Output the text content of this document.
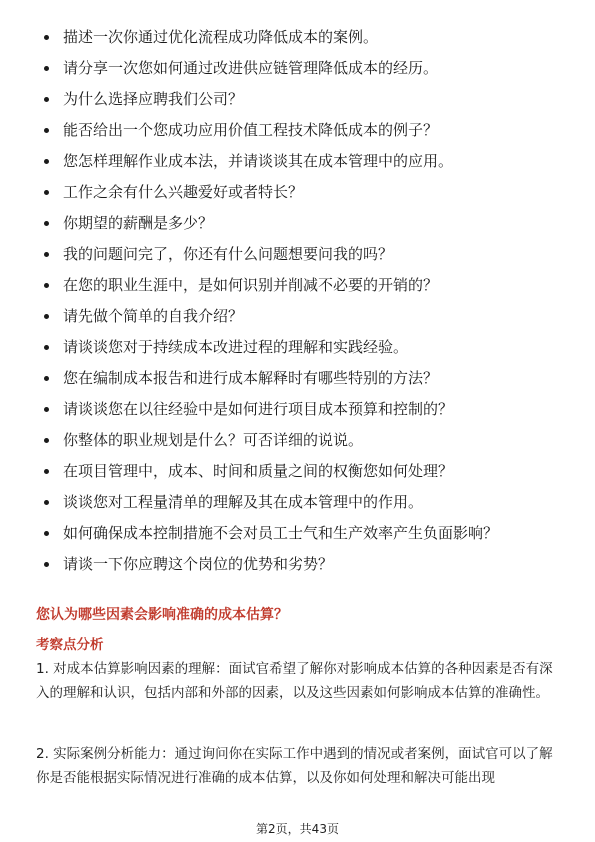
描述一次你通过优化流程成功降低成本的案例。
请分享一次您如何通过改进供应链管理降低成本的经历。
为什么选择应聘我们公司？
能否给出一个您成功应用价值工程技术降低成本的例子？
您怎样理解作业成本法，并请谈谈其在成本管理中的应用。
工作之余有什么兴趣爱好或者特长？
你期望的薪酬是多少？
我的问题问完了，你还有什么问题想要问我的吗？
在您的职业生涯中，是如何识别并削减不必要的开销的？
请先做个简单的自我介绍？
请谈谈您对于持续成本改进过程的理解和实践经验。
您在编制成本报告和进行成本解释时有哪些特别的方法？
请谈谈您在以往经验中是如何进行项目成本预算和控制的？
你整体的职业规划是什么？可否详细的说说。
在项目管理中，成本、时间和质量之间的权衡您如何处理？
谈谈您对工程量清单的理解及其在成本管理中的作用。
如何确保成本控制措施不会对员工士气和生产效率产生负面影响？
请谈一下你应聘这个岗位的优势和劣势？
您认为哪些因素会影响准确的成本估算？
考察点分析

1. 对成本估算影响因素的理解：面试官希望了解你对影响成本估算的各种因素是否有深入的理解和认识，包括内部和外部的因素，以及这些因素如何影响成本估算的准确性。

2. 实际案例分析能力：通过询问你在实际工作中遇到的情况或者案例，面试官可以了解你是否能根据实际情况进行准确的成本估算，以及你如何处理和解决可能出现

第2页，共43页
